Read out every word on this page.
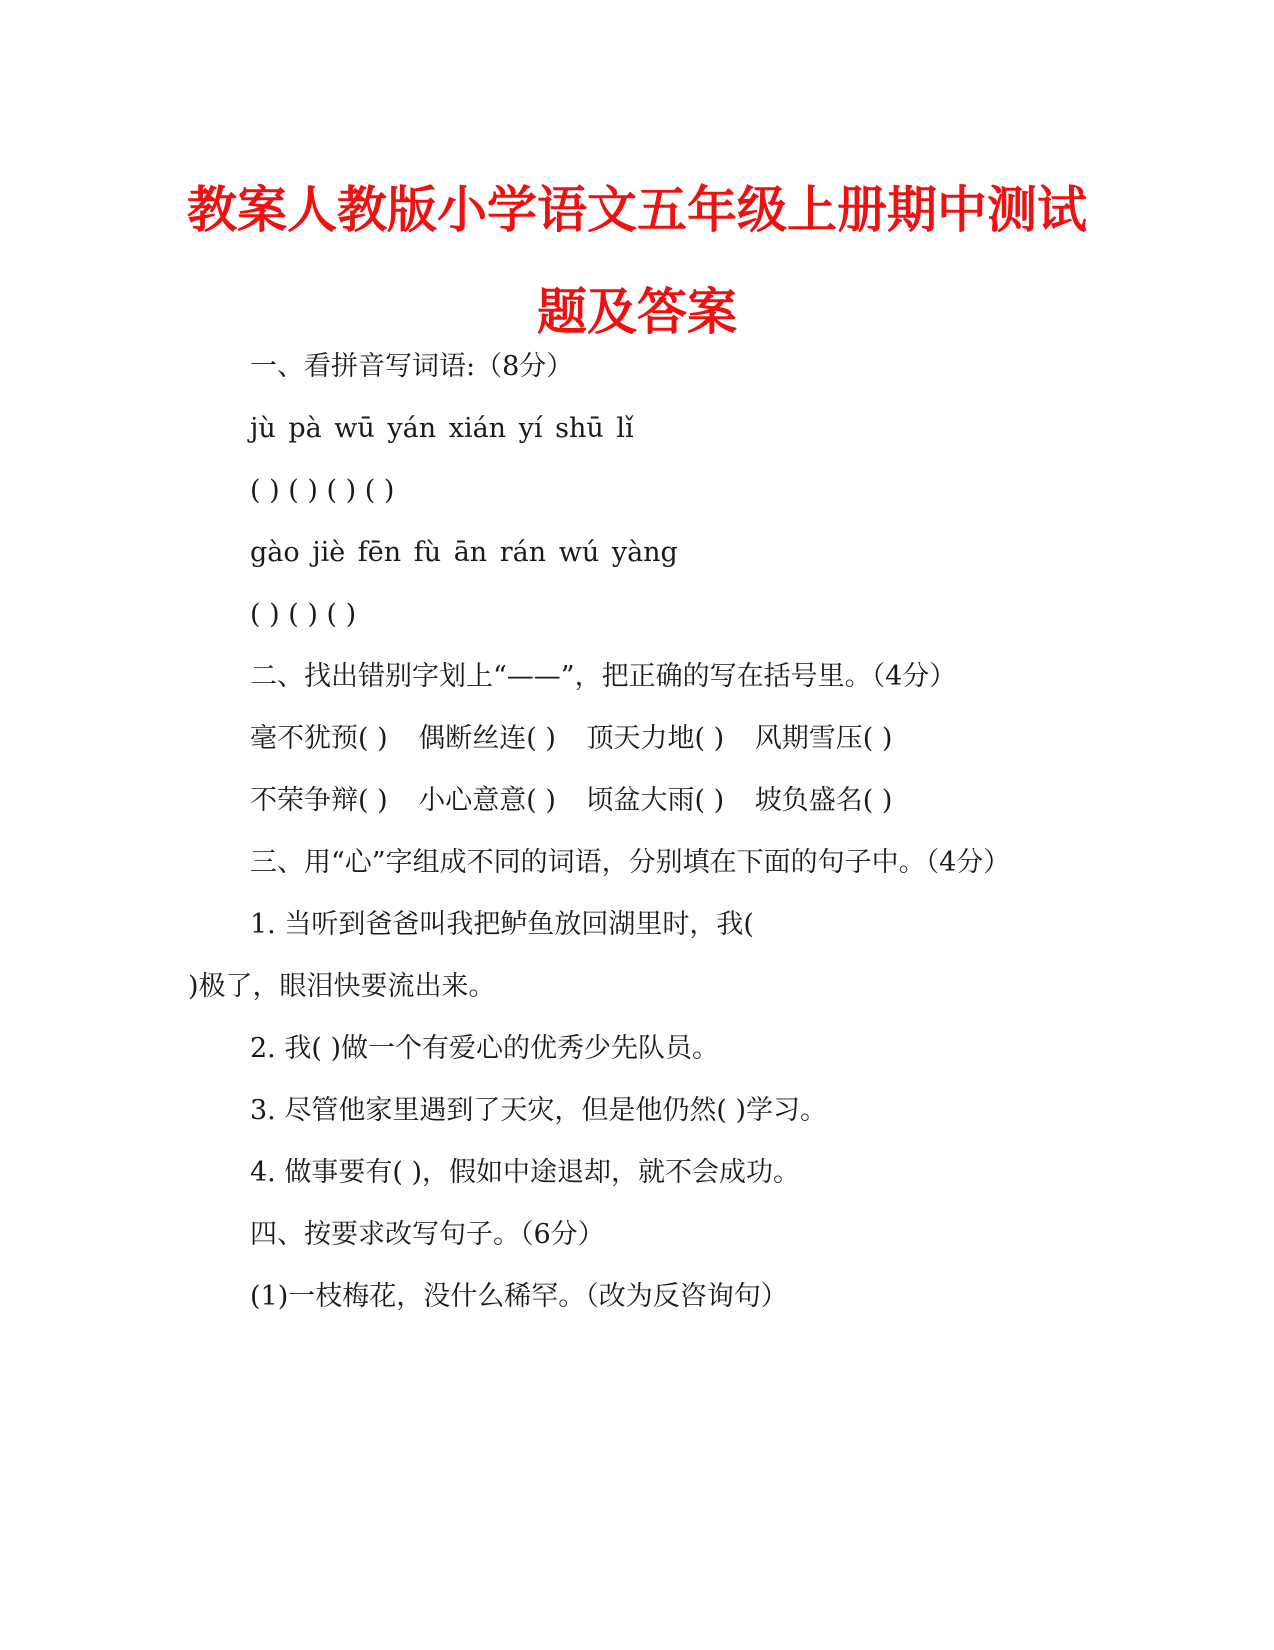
教案人教版小学语文五年级上册期中测试
题及答案
一、看拼音写词语:（8分）
jù pà wū yán xián yí shū lǐ
( ) ( ) ( ) ( )
gào jiè fēn fù ān rán wú yàng
( ) ( ) ( )
二、找出错别字划上“——”，把正确的写在括号里。（4分）
毫不犹预( ) 偶断丝连( ) 顶天力地( ) 风期雪压( )
不荣争辩( ) 小心意意( ) 顷盆大雨( ) 坡负盛名( )
三、用“心”字组成不同的词语，分别填在下面的句子中。（4分）
1. 当听到爸爸叫我把鲈鱼放回湖里时，我(
)极了，眼泪快要流出来。
2. 我( )做一个有爱心的优秀少先队员。
3. 尽管他家里遇到了天灾，但是他仍然( )学习。
4. 做事要有( )，假如中途退却，就不会成功。
四、按要求改写句子。（6分）
(1)一枝梅花，没什么稀罕。（改为反咨询句）
